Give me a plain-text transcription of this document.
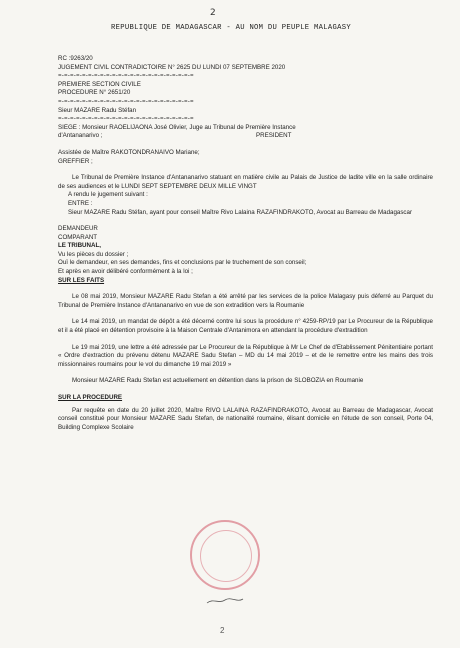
2
REPUBLIQUE DE MADAGASCAR - AU NOM DU PEUPLE MALAGASY
RC :9263/20
JUGEMENT CIVIL CONTRADICTOIRE N° 2625 DU LUNDI 07 SEPTEMBRE 2020
=-=-=-=-=-=-=-=-=-=-=-=-=-=-=-=-=-=-=-=-=-=-=
PREMIERE SECTION CIVILE
PROCEDURE N° 2651/20
=-=-=-=-=-=-=-=-=-=-=-=-=-=-=-=-=-=-=-=-=-=-=
Sieur MAZARE Radu Stéfan
=-=-=-=-=-=-=-=-=-=-=-=-=-=-=-=-=-=-=-=-=-=-=
SIEGE : Monsieur RAOELIJAONA José Olivier, Juge au Tribunal de Première Instance
d'Antananarivo ;	PRESIDENT
Assistée de Maître RAKOTONDRANAIVO Mariane;
GREFFIER ;
Le Tribunal de Première Instance d'Antananarivo statuant en matière civile au Palais de Justice de ladite ville en la salle ordinaire de ses audiences et le LUNDI SEPT SEPTEMBRE DEUX MILLE VINGT
A rendu le jugement suivant :
ENTRE :
Sieur MAZARE Radu Stéfan, ayant pour conseil Maître Rivo Lalaina RAZAFINDRAKOTO, Avocat au Barreau de Madagascar
DEMANDEUR
COMPARANT
LE TRIBUNAL,
Vu les pièces du dossier ;
Ouï le demandeur, en ses demandes, fins et conclusions par le truchement de son conseil;
Et après en avoir délibéré conformément à la loi ;
SUR LES FAITS
Le 08 mai 2019, Monsieur MAZARE Radu Stefan a été arrêté par les services de la police Malagasy puis déferré au Parquet du Tribunal de Première Instance d'Antananarivo en vue de son extradition vers la Roumanie
Le 14 mai 2019, un mandat de dépôt a été décerné contre lui sous la procédure n° 4259-RP/19 par Le Procureur de la République et il a été placé en détention provisoire à la Maison Centrale d'Antanimora en attendant la procédure d'extradition
Le 19 mai 2019, une lettre a été adressée par Le Procureur de la République à Mr Le Chef de d'Etablissement Pénitentiaire portant « Ordre d'extraction du prévenu détenu MAZARE Sadu Stefan – MD du 14 mai 2019 – et de le remettre entre les mains des trois missionnaires roumains pour le vol du dimanche 19 mai 2019 »
Monsieur MAZARE Radu Stefan est actuellement en détention dans la prison de SLOBOZIA en Roumanie
SUR LA PROCEDURE
Par requête en date du 20 juillet 2020, Maître RIVO LALAINA RAZAFINDRAKOTO, Avocat au Barreau de Madagascar, Avocat conseil constitué pour Monsieur MAZARE Sadu Stefan, de nationalité roumaine, élisant domicile en l'étude de son conseil, Porte 04, Building Complexe Scolaire
2
